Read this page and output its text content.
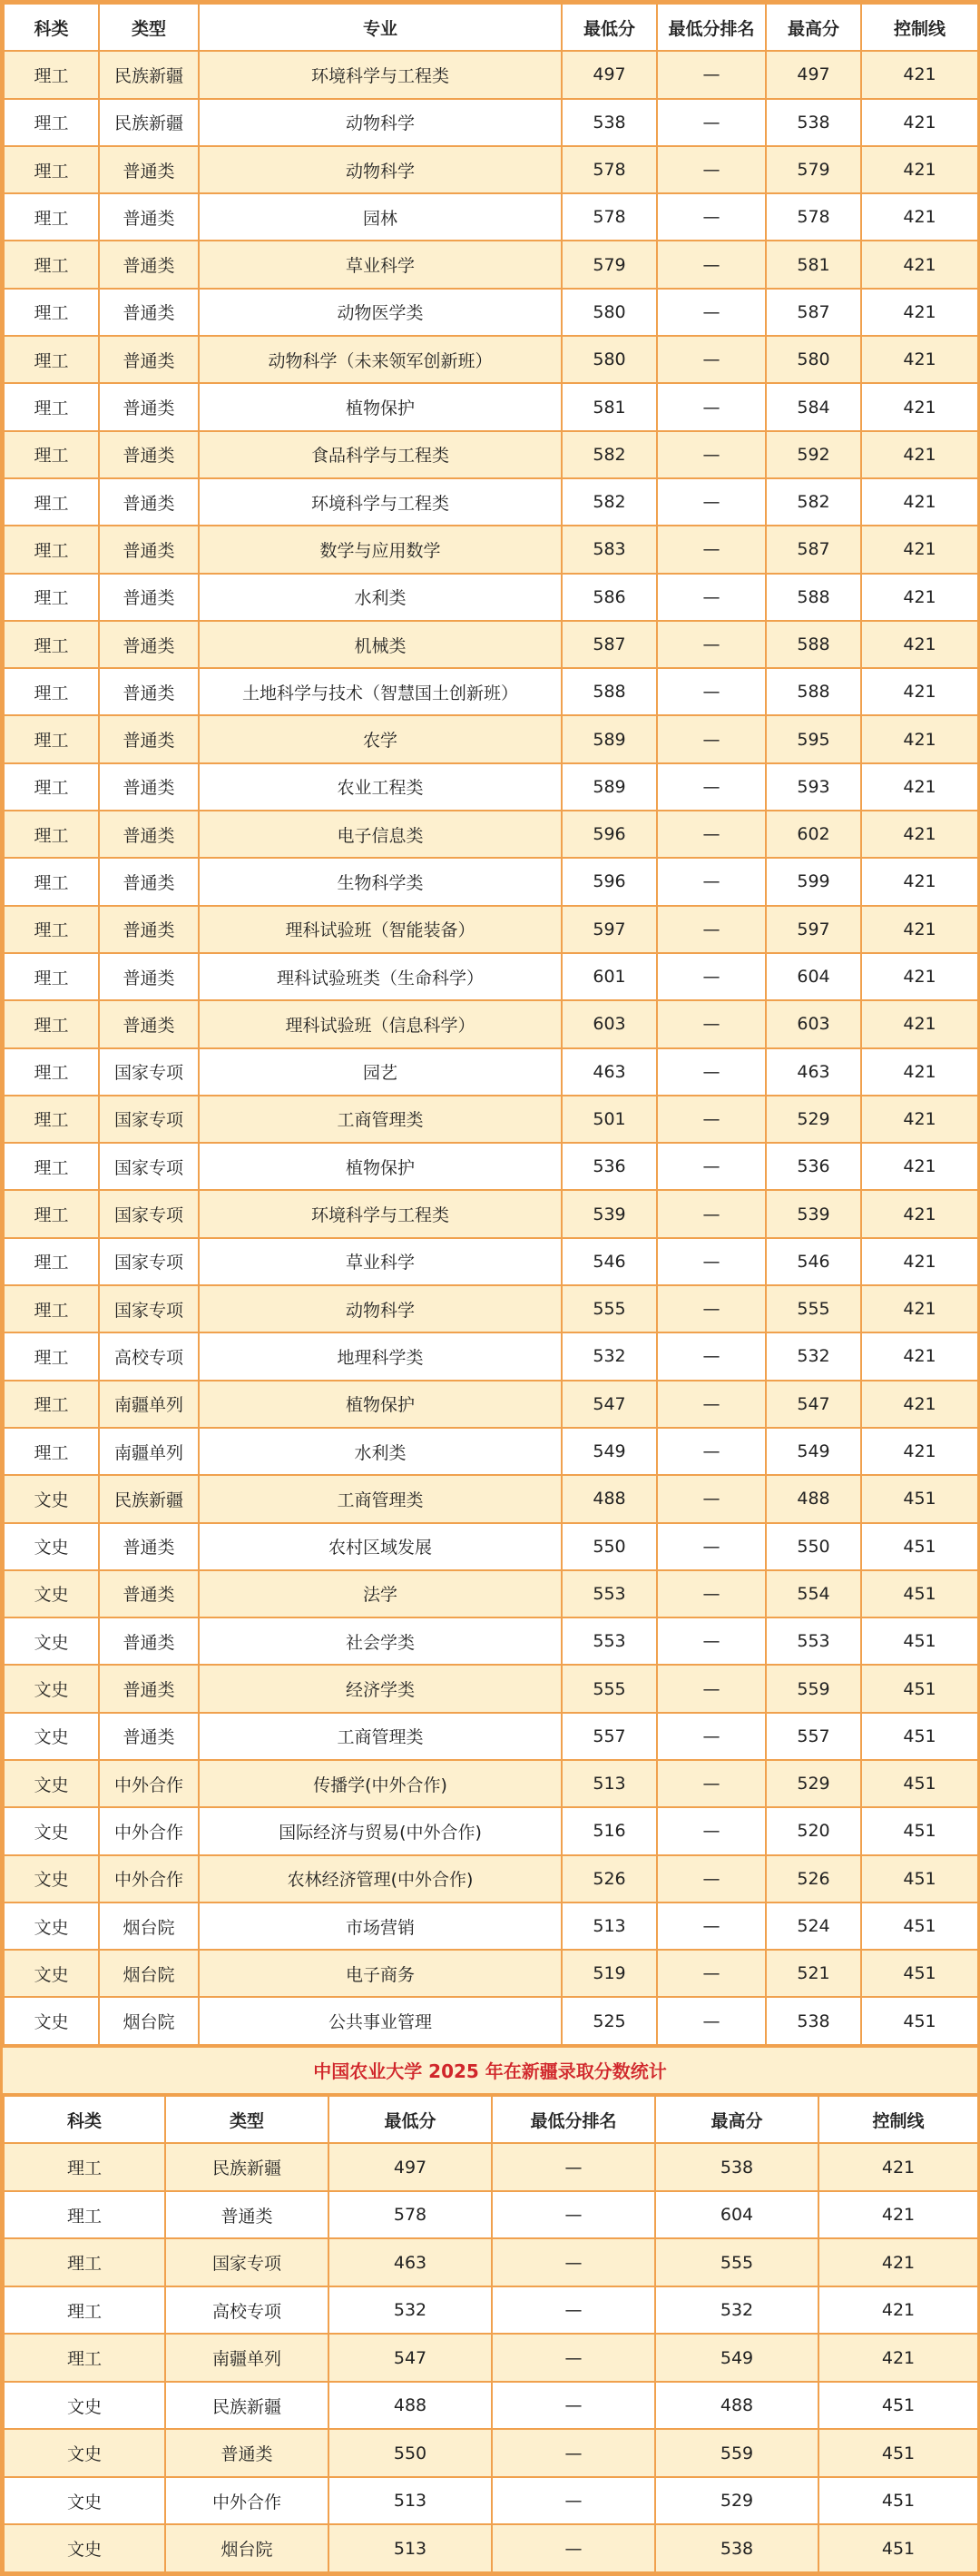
科类	类型	专业	最低分	最低分排名	最高分	控制线
理工	民族新疆	环境科学与工程类	497	—	497	421
理工	民族新疆	动物科学	538	—	538	421
理工	普通类	动物科学	578	—	579	421
理工	普通类	园林	578	—	578	421
理工	普通类	草业科学	579	—	581	421
理工	普通类	动物医学类	580	—	587	421
理工	普通类	动物科学（未来领军创新班）	580	—	580	421
理工	普通类	植物保护	581	—	584	421
理工	普通类	食品科学与工程类	582	—	592	421
理工	普通类	环境科学与工程类	582	—	582	421
理工	普通类	数学与应用数学	583	—	587	421
理工	普通类	水利类	586	—	588	421
理工	普通类	机械类	587	—	588	421
理工	普通类	土地科学与技术（智慧国土创新班）	588	—	588	421
理工	普通类	农学	589	—	595	421
理工	普通类	农业工程类	589	—	593	421
理工	普通类	电子信息类	596	—	602	421
理工	普通类	生物科学类	596	—	599	421
理工	普通类	理科试验班（智能装备）	597	—	597	421
理工	普通类	理科试验班类（生命科学）	601	—	604	421
理工	普通类	理科试验班（信息科学）	603	—	603	421
理工	国家专项	园艺	463	—	463	421
理工	国家专项	工商管理类	501	—	529	421
理工	国家专项	植物保护	536	—	536	421
理工	国家专项	环境科学与工程类	539	—	539	421
理工	国家专项	草业科学	546	—	546	421
理工	国家专项	动物科学	555	—	555	421
理工	高校专项	地理科学类	532	—	532	421
理工	南疆单列	植物保护	547	—	547	421
理工	南疆单列	水利类	549	—	549	421
文史	民族新疆	工商管理类	488	—	488	451
文史	普通类	农村区域发展	550	—	550	451
文史	普通类	法学	553	—	554	451
文史	普通类	社会学类	553	—	553	451
文史	普通类	经济学类	555	—	559	451
文史	普通类	工商管理类	557	—	557	451
文史	中外合作	传播学(中外合作)	513	—	529	451
文史	中外合作	国际经济与贸易(中外合作)	516	—	520	451
文史	中外合作	农林经济管理(中外合作)	526	—	526	451
文史	烟台院	市场营销	513	—	524	451
文史	烟台院	电子商务	519	—	521	451
文史	烟台院	公共事业管理	525	—	538	451
中国农业大学 2025 年在新疆录取分数统计
科类	类型	最低分	最低分排名	最高分	控制线
理工	民族新疆	497	—	538	421
理工	普通类	578	—	604	421
理工	国家专项	463	—	555	421
理工	高校专项	532	—	532	421
理工	南疆单列	547	—	549	421
文史	民族新疆	488	—	488	451
文史	普通类	550	—	559	451
文史	中外合作	513	—	529	451
文史	烟台院	513	—	538	451
